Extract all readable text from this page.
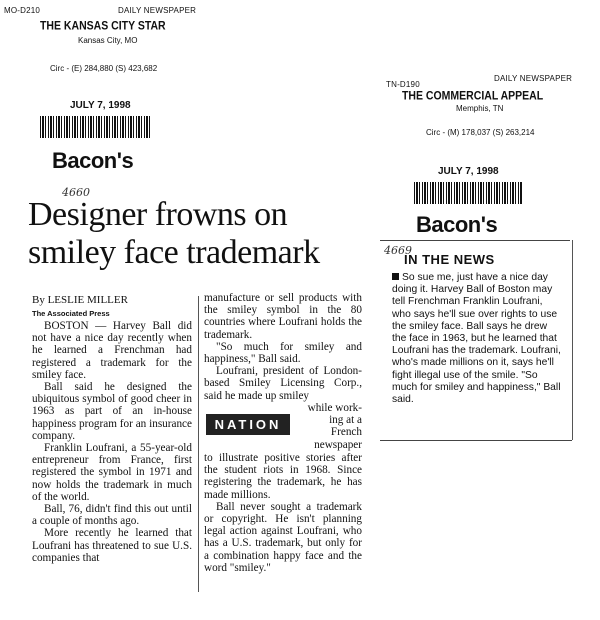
MO-D210	DAILY NEWSPAPER
THE KANSAS CITY STAR
Kansas City, MO
Circ - (E) 284,880 (S) 423,682
JULY 7, 1998
Bacon's
4660
Designer frowns on
smiley face trademark
By LESLIE MILLER
The Associated Press

BOSTON — Harvey Ball did not have a nice day recently when he learned a Frenchman had registered a trademark for the smiley face.

Ball said he designed the ubiquitous symbol of good cheer in 1963 as part of an in-house happiness program for an insurance company.

Franklin Loufrani, a 55-year-old entrepreneur from France, first registered the symbol in 1971 and now holds the trademark in much of the world.

Ball, 76, didn't find this out until a couple of months ago.

More recently he learned that Loufrani has threatened to sue U.S. companies that

manufacture or sell products with the smiley symbol in the 80 countries where Loufrani holds the trademark.

"So much for smiley and happiness," Ball said.

Loufrani, president of London-based Smiley Licensing Corp., said he made up smiley

NATION
while work-
ing at a
French
newspaper

to illustrate positive stories after the student riots in 1968. Since registering the trademark, he has made millions.

Ball never sought a trademark or copyright. He isn't planning legal action against Loufrani, who has a U.S. trademark, but only for a combination happy face and the word "smiley."

TN-D190
DAILY NEWSPAPER
THE COMMERCIAL APPEAL
Memphis, TN
Circ - (M) 178,037 (S) 263,214
JULY 7, 1998
Bacon's
4669
IN THE NEWS
So sue me, just have a nice day doing it. Harvey Ball of Boston may tell Frenchman Franklin Loufrani, who says he'll sue over rights to use the smiley face. Ball says he drew the face in 1963, but he learned that Loufrani has the trademark. Loufrani, who's made millions on it, says he'll fight illegal use of the smile. "So much for smiley and happiness," Ball said.
